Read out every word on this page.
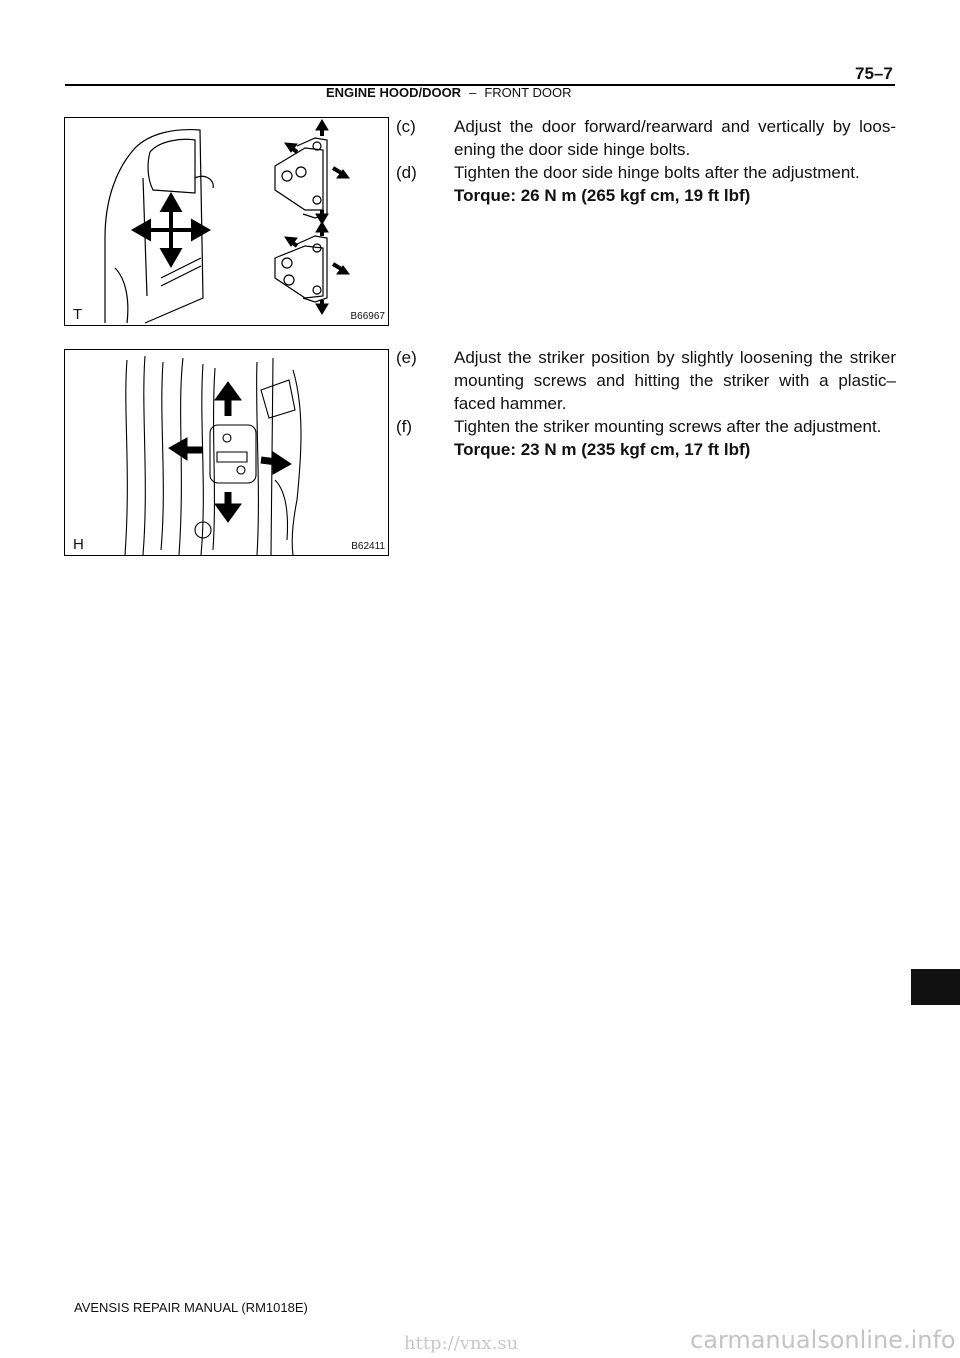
75–7
ENGINE HOOD/DOOR – FRONT DOOR
T	B66967
(c) Adjust the door forward/rearward and vertically by loos-ening the door side hinge bolts.
(d) Tighten the door side hinge bolts after the adjustment.
Torque: 26 N m (265 kgf cm, 19 ft lbf)
H	B62411
(e) Adjust the striker position by slightly loosening the striker mounting screws and hitting the striker with a plastic–faced hammer.
(f) Tighten the striker mounting screws after the adjustment.
Torque: 23 N m (235 kgf cm, 17 ft lbf)
AVENSIS REPAIR MANUAL (RM1018E)
http://vnx.su	carmanualsonline.info
